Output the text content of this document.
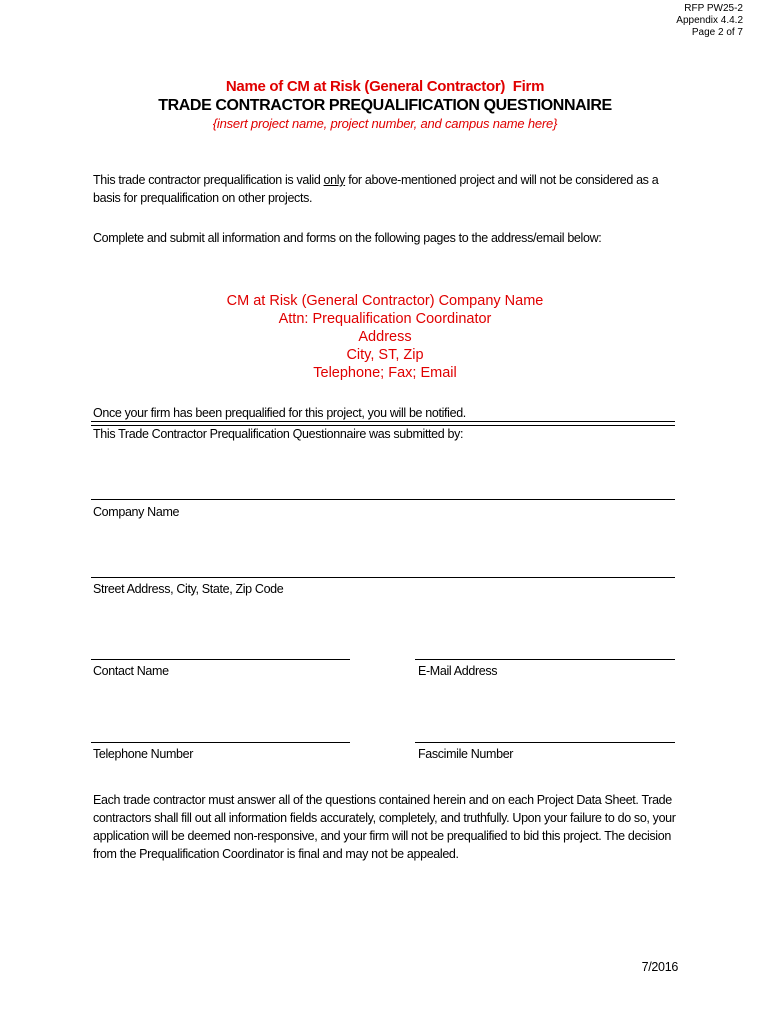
RFP PW25-2
Appendix 4.4.2
Page 2 of 7
Name of CM at Risk (General Contractor)  Firm
TRADE CONTRACTOR PREQUALIFICATION QUESTIONNAIRE
{insert project name, project number, and campus name here}

This trade contractor prequalification is valid only for above-mentioned project and will not be considered as a basis for prequalification on other projects.

Complete and submit all information and forms on the following pages to the address/email below:

CM at Risk (General Contractor) Company Name
Attn: Prequalification Coordinator
Address
City, ST, Zip
Telephone; Fax; Email
Once your firm has been prequalified for this project, you will be notified.
This Trade Contractor Prequalification Questionnaire was submitted by:
Company Name
Street Address, City, State, Zip Code
Contact Name	E-Mail Address
Telephone Number	Fascimile Number

Each trade contractor must answer all of the questions contained herein and on each Project Data Sheet. Trade contractors shall fill out all information fields accurately, completely, and truthfully. Upon your failure to do so, your application will be deemed non-responsive, and your firm will not be prequalified to bid this project. The decision from the Prequalification Coordinator is final and may not be appealed.

7/2016
